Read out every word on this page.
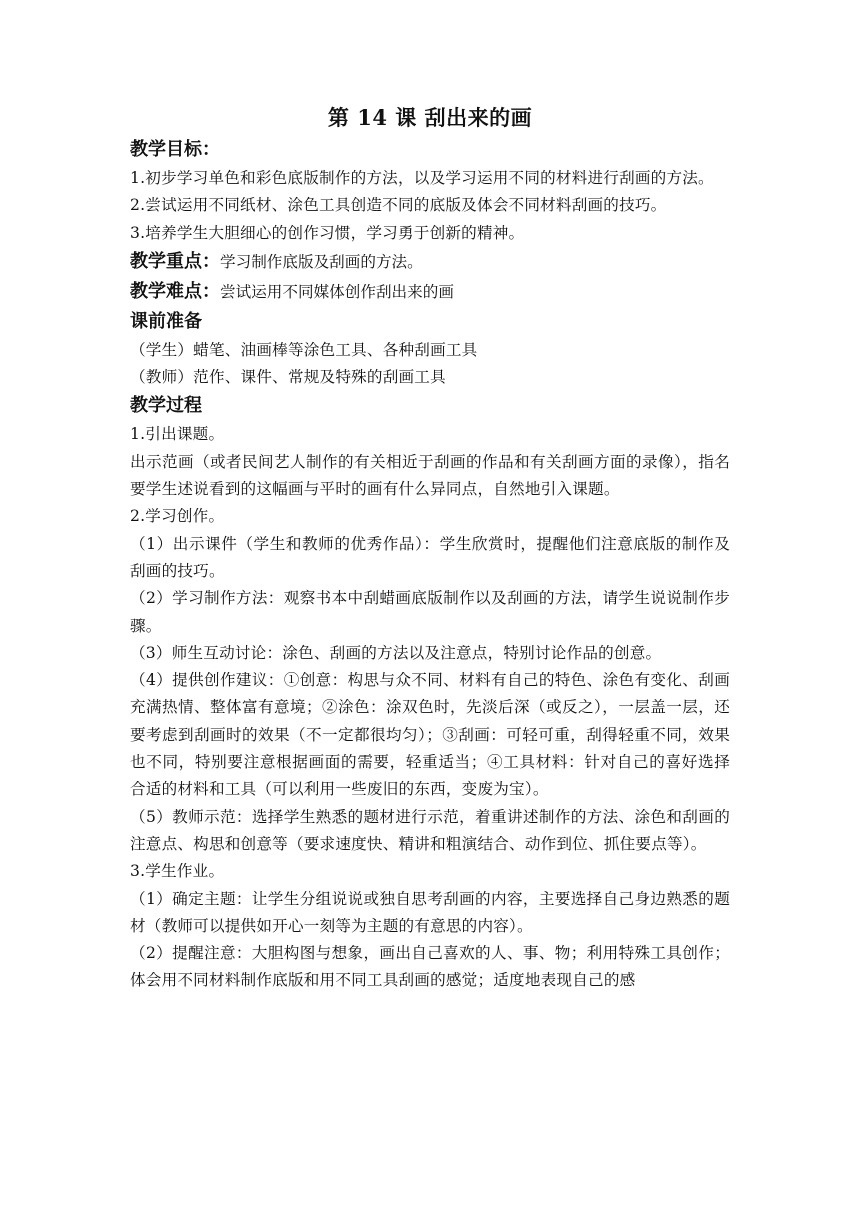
第 14 课 刮出来的画
教学目标：

1.初步学习单色和彩色底版制作的方法，以及学习运用不同的材料进行刮画的方法。

2.尝试运用不同纸材、涂色工具创造不同的底版及体会不同材料刮画的技巧。

3.培养学生大胆细心的创作习惯，学习勇于创新的精神。

教学重点：学习制作底版及刮画的方法。
教学难点：尝试运用不同媒体创作刮出来的画
课前准备

（学生）蜡笔、油画棒等涂色工具、各种刮画工具

（教师）范作、课件、常规及特殊的刮画工具

教学过程

1.引出课题。

出示范画（或者民间艺人制作的有关相近于刮画的作品和有关刮画方面的录像），指名要学生述说看到的这幅画与平时的画有什么异同点，自然地引入课题。

2.学习创作。

（1）出示课件（学生和教师的优秀作品）：学生欣赏时，提醒他们注意底版的制作及刮画的技巧。

（2）学习制作方法：观察书本中刮蜡画底版制作以及刮画的方法，请学生说说制作步骤。

（3）师生互动讨论：涂色、刮画的方法以及注意点，特别讨论作品的创意。

（4）提供创作建议：①创意：构思与众不同、材料有自己的特色、涂色有变化、刮画充满热情、整体富有意境；②涂色：涂双色时，先淡后深（或反之），一层盖一层，还要考虑到刮画时的效果（不一定都很均匀）；③刮画：可轻可重，刮得轻重不同，效果也不同，特别要注意根据画面的需要，轻重适当；④工具材料：针对自己的喜好选择合适的材料和工具（可以利用一些废旧的东西，变废为宝）。

（5）教师示范：选择学生熟悉的题材进行示范，着重讲述制作的方法、涂色和刮画的注意点、构思和创意等（要求速度快、精讲和粗演结合、动作到位、抓住要点等）。

3.学生作业。

（1）确定主题：让学生分组说说或独自思考刮画的内容，主要选择自己身边熟悉的题材（教师可以提供如开心一刻等为主题的有意思的内容）。

（2）提醒注意：大胆构图与想象，画出自己喜欢的人、事、物；利用特殊工具创作；体会用不同材料制作底版和用不同工具刮画的感觉；适度地表现自己的感
